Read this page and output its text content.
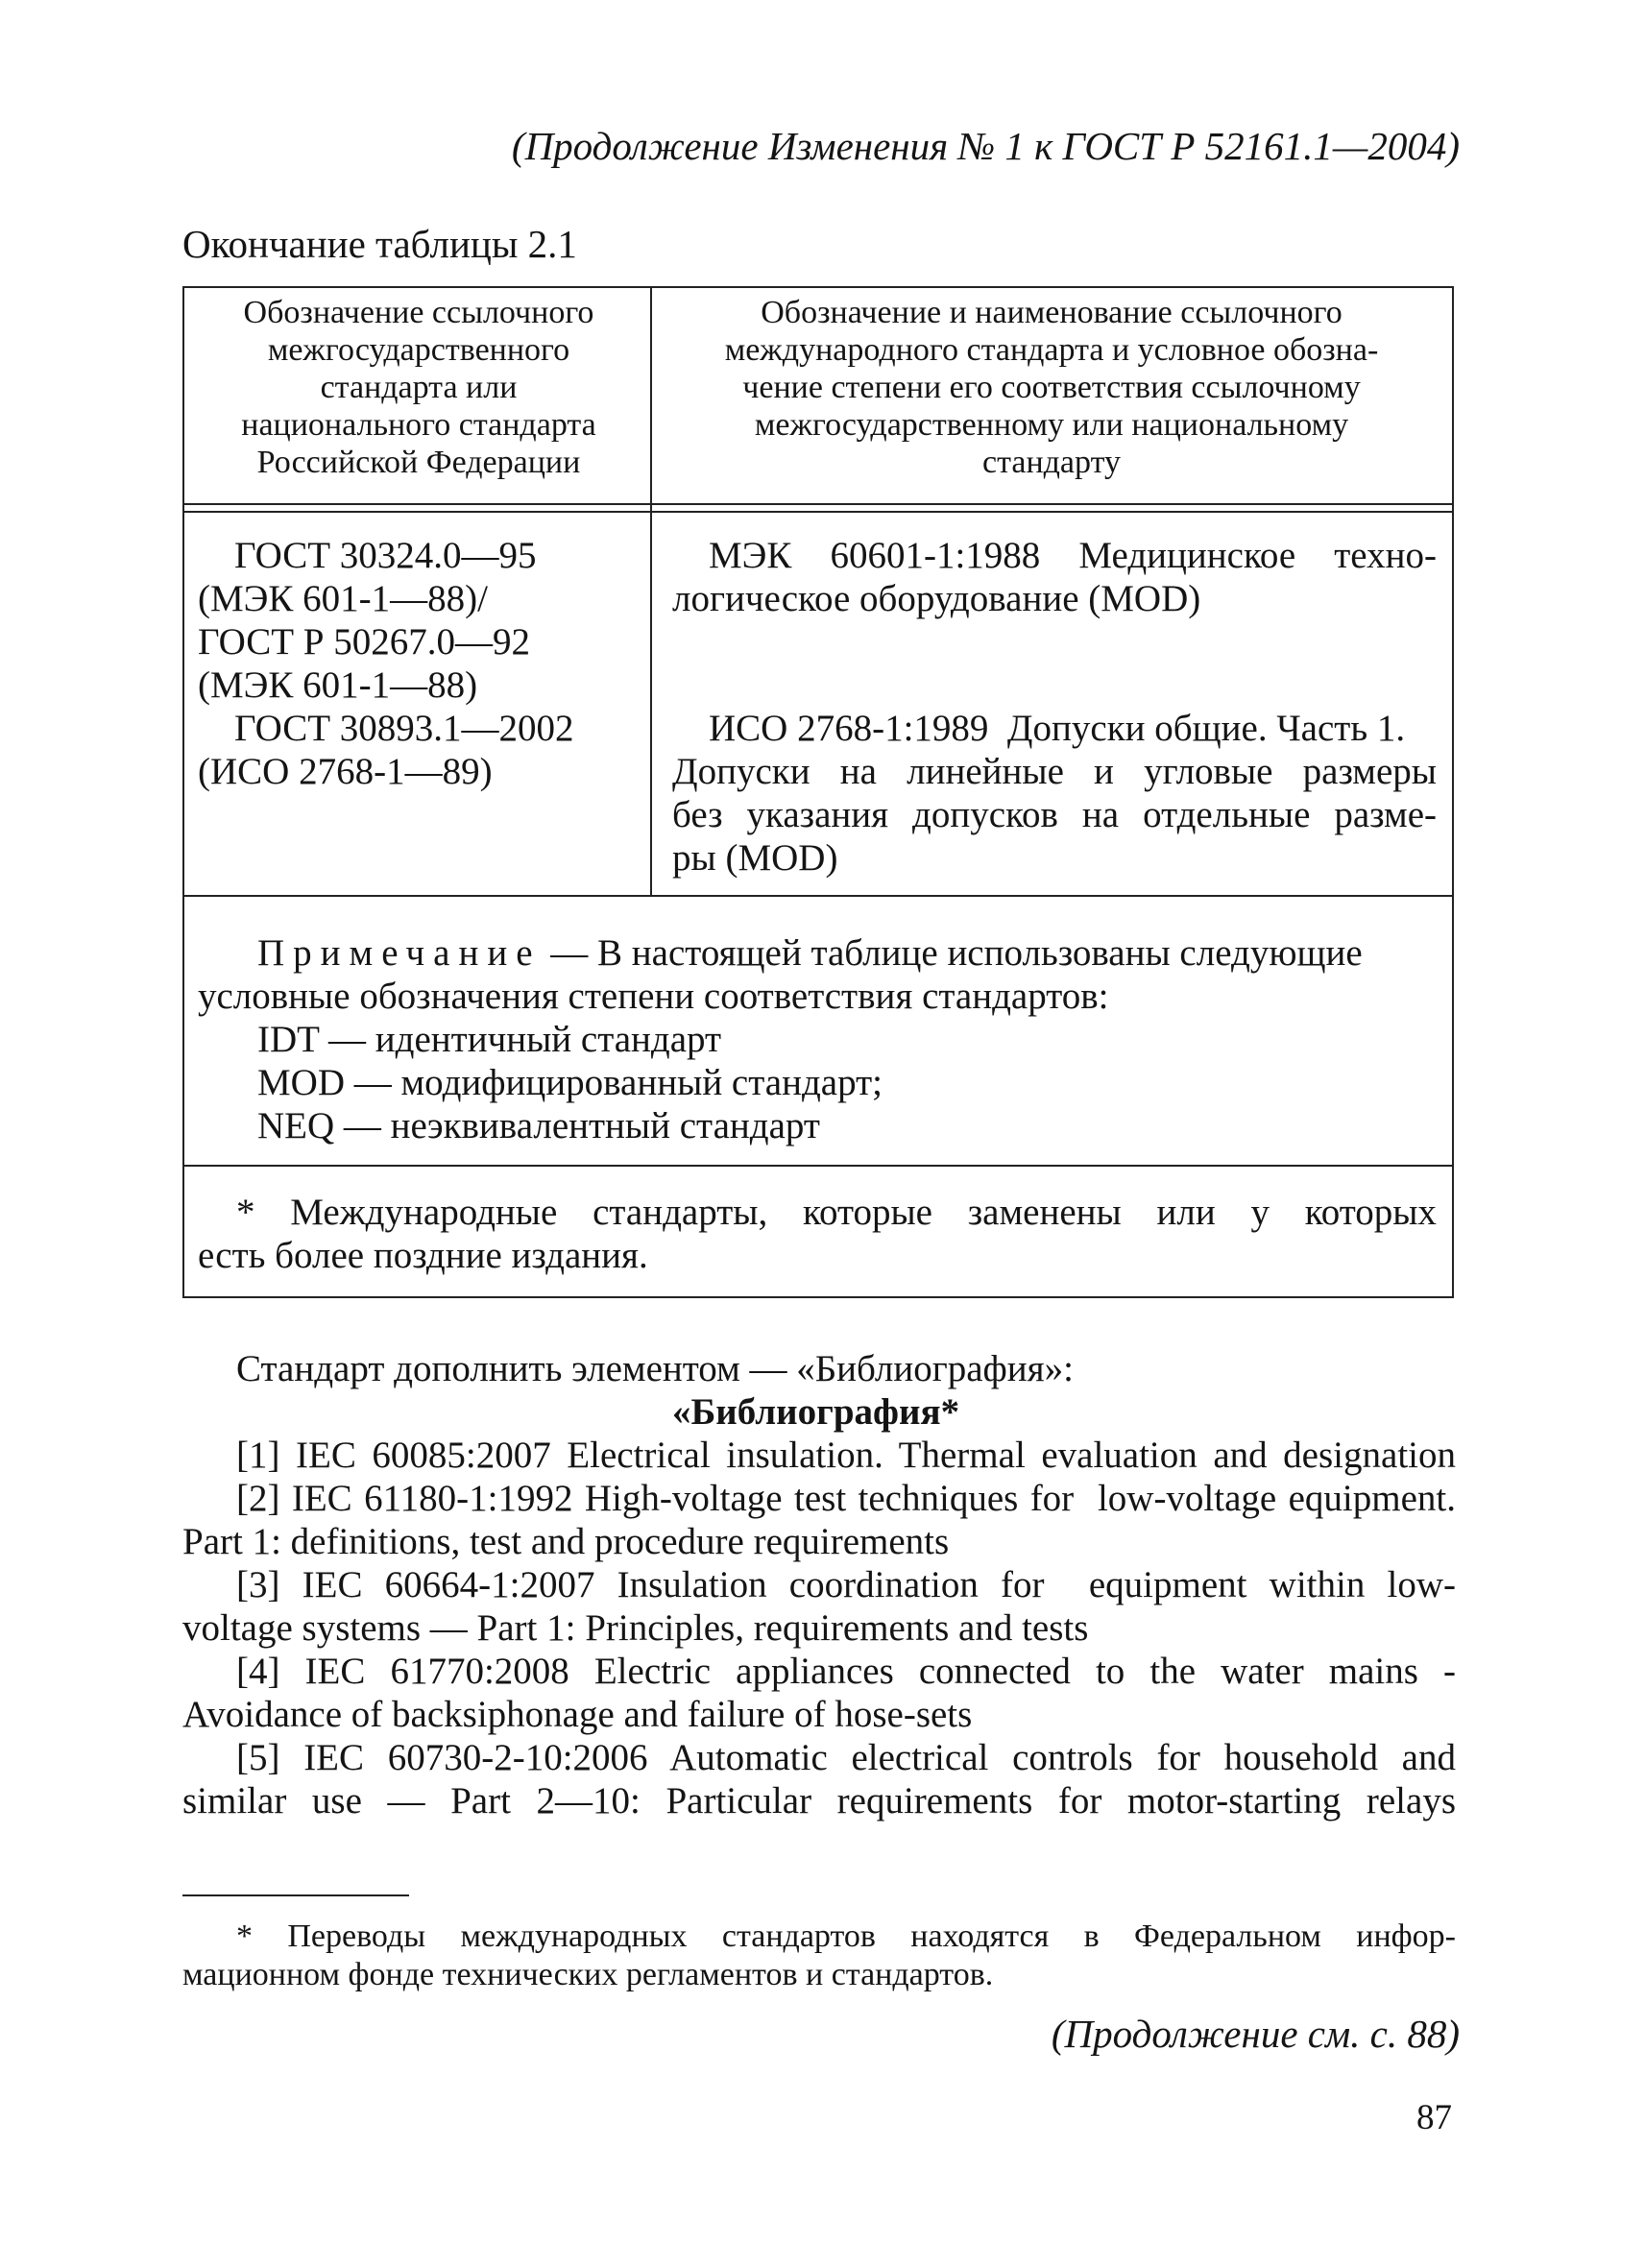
(Продолжение Изменения № 1 к ГОСТ Р 52161.1—2004)
Окончание таблицы 2.1
Обозначение ссылочного
межгосударственного
стандарта или
национального стандарта
Российской Федерации
Обозначение и наименование ссылочного
международного стандарта и условное обозна-
чение степени его соответствия ссылочному
межгосударственному или национальному
стандарту
ГОСТ 30324.0—95
(МЭК 601-1—88)/
ГОСТ Р 50267.0—92
(МЭК 601-1—88)
ГОСТ 30893.1—2002
(ИСО 2768-1—89)
МЭК 60601-1:1988 Медицинское техно-
логическое оборудование (MOD)
ИСО 2768-1:1989  Допуски общие. Часть 1.
Допуски на линейные и угловые размеры
без указания допусков на отдельные разме-
ры (MOD)
Примечание — В настоящей таблице использованы следующие
условные обозначения степени соответствия стандартов:
IDT — идентичный стандарт
MOD — модифицированный стандарт;
NEQ — неэквивалентный стандарт
* Международные стандарты, которые заменены или у которых
есть более поздние издания.
Стандарт дополнить элементом — «Библиография»:
«Библиография*
[1] IEC 60085:2007 Electrical insulation. Thermal evaluation and designation
[2] IEC 61180-1:1992 High-voltage test techniques for  low-voltage equipment.
Part 1: definitions, test and procedure requirements
[3] IEC 60664-1:2007 Insulation coordination for  equipment within low-
voltage systems — Part 1: Principles, requirements and tests
[4] IEC 61770:2008 Electric appliances connected to the water mains -
Avoidance of backsiphonage and failure of hose-sets
[5] IEC 60730-2-10:2006 Automatic electrical controls for household and
similar use — Part 2—10: Particular requirements for motor-starting relays
* Переводы международных стандартов находятся в Федеральном инфор-
мационном фонде технических регламентов и стандартов.
(Продолжение см. с. 88)
87
